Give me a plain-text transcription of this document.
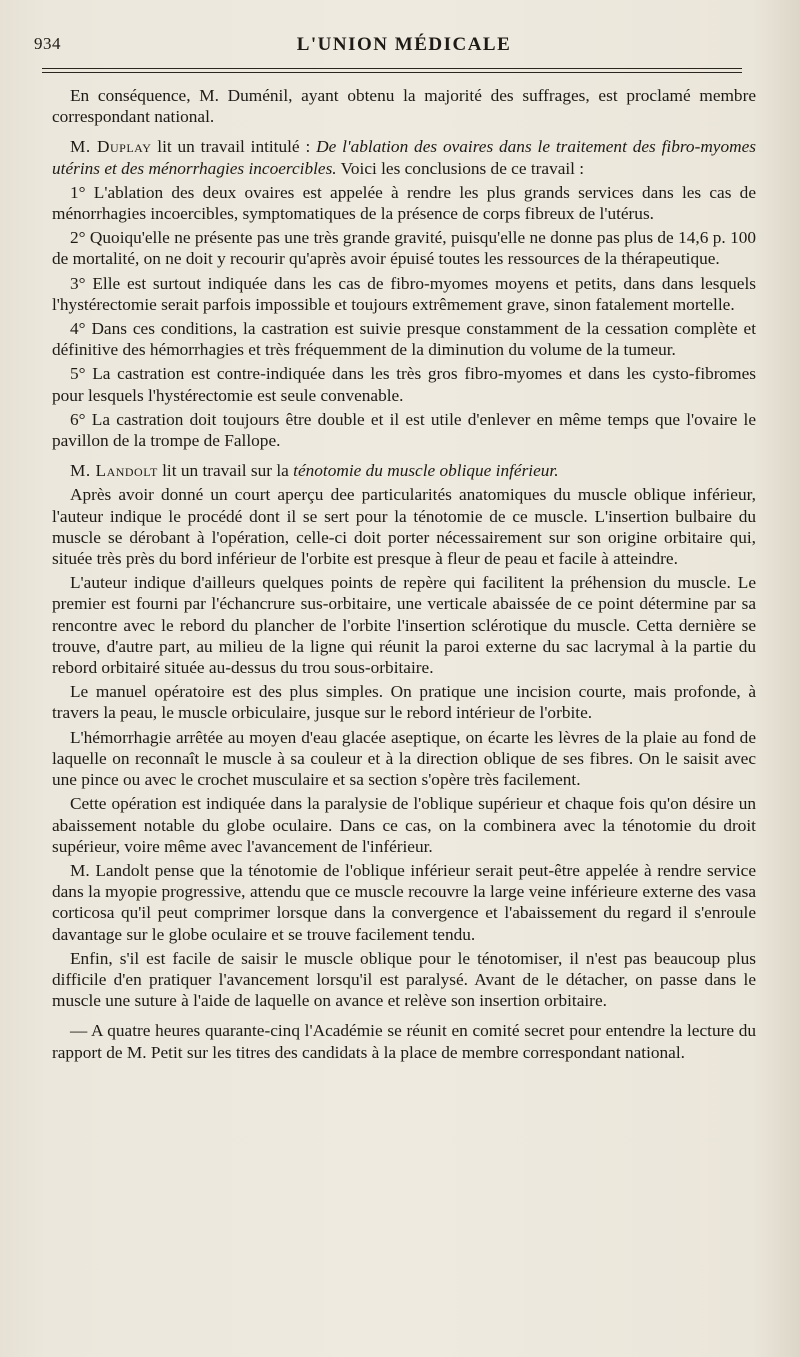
934	L'UNION MÉDICALE

En conséquence, M. Duménil, ayant obtenu la majorité des suffrages, est proclamé membre correspondant national.

M. Duplay lit un travail intitulé : De l'ablation des ovaires dans le traitement des fibro-myomes utérins et des ménorrhagies incoercibles. Voici les conclusions de ce travail :

1° L'ablation des deux ovaires est appelée à rendre les plus grands services dans les cas de ménorrhagies incoercibles, symptomatiques de la présence de corps fibreux de l'utérus.

2° Quoiqu'elle ne présente pas une très grande gravité, puisqu'elle ne donne pas plus de 14,6 p. 100 de mortalité, on ne doit y recourir qu'après avoir épuisé toutes les ressources de la thérapeutique.

3° Elle est surtout indiquée dans les cas de fibro-myomes moyens et petits, dans dans lesquels l'hystérectomie serait parfois impossible et toujours extrêmement grave, sinon fatalement mortelle.

4° Dans ces conditions, la castration est suivie presque constamment de la cessation complète et définitive des hémorrhagies et très fréquemment de la diminution du volume de la tumeur.

5° La castration est contre-indiquée dans les très gros fibro-myomes et dans les cysto-fibromes pour lesquels l'hystérectomie est seule convenable.

6° La castration doit toujours être double et il est utile d'enlever en même temps que l'ovaire le pavillon de la trompe de Fallope.

M. Landolt lit un travail sur la ténotomie du muscle oblique inférieur.

Après avoir donné un court aperçu dee particularités anatomiques du muscle oblique inférieur, l'auteur indique le procédé dont il se sert pour la ténotomie de ce muscle. L'insertion bulbaire du muscle se dérobant à l'opération, celle-ci doit porter nécessairement sur son origine orbitaire qui, située très près du bord inférieur de l'orbite est presque à fleur de peau et facile à atteindre.

L'auteur indique d'ailleurs quelques points de repère qui facilitent la préhension du muscle. Le premier est fourni par l'échancrure sus-orbitaire, une verticale abaissée de ce point détermine par sa rencontre avec le rebord du plancher de l'orbite l'insertion sclérotique du muscle. Cetta dernière se trouve, d'autre part, au milieu de la ligne qui réunit la paroi externe du sac lacrymal à la partie du rebord orbitairé située au-dessus du trou sous-orbitaire.

Le manuel opératoire est des plus simples. On pratique une incision courte, mais profonde, à travers la peau, le muscle orbiculaire, jusque sur le rebord intérieur de l'orbite.

L'hémorrhagie arrêtée au moyen d'eau glacée aseptique, on écarte les lèvres de la plaie au fond de laquelle on reconnaît le muscle à sa couleur et à la direction oblique de ses fibres. On le saisit avec une pince ou avec le crochet musculaire et sa section s'opère très facilement.

Cette opération est indiquée dans la paralysie de l'oblique supérieur et chaque fois qu'on désire un abaissement notable du globe oculaire. Dans ce cas, on la combinera avec la ténotomie du droit supérieur, voire même avec l'avancement de l'inférieur.

M. Landolt pense que la ténotomie de l'oblique inférieur serait peut-être appelée à rendre service dans la myopie progressive, attendu que ce muscle recouvre la large veine inférieure externe des vasa corticosa qu'il peut comprimer lorsque dans la convergence et l'abaissement du regard il s'enroule davantage sur le globe oculaire et se trouve facilement tendu.

Enfin, s'il est facile de saisir le muscle oblique pour le ténotomiser, il n'est pas beaucoup plus difficile d'en pratiquer l'avancement lorsqu'il est paralysé. Avant de le détacher, on passe dans le muscle une suture à l'aide de laquelle on avance et relève son insertion orbitaire.

— A quatre heures quarante-cinq l'Académie se réunit en comité secret pour entendre la lecture du rapport de M. Petit sur les titres des candidats à la place de membre correspondant national.
